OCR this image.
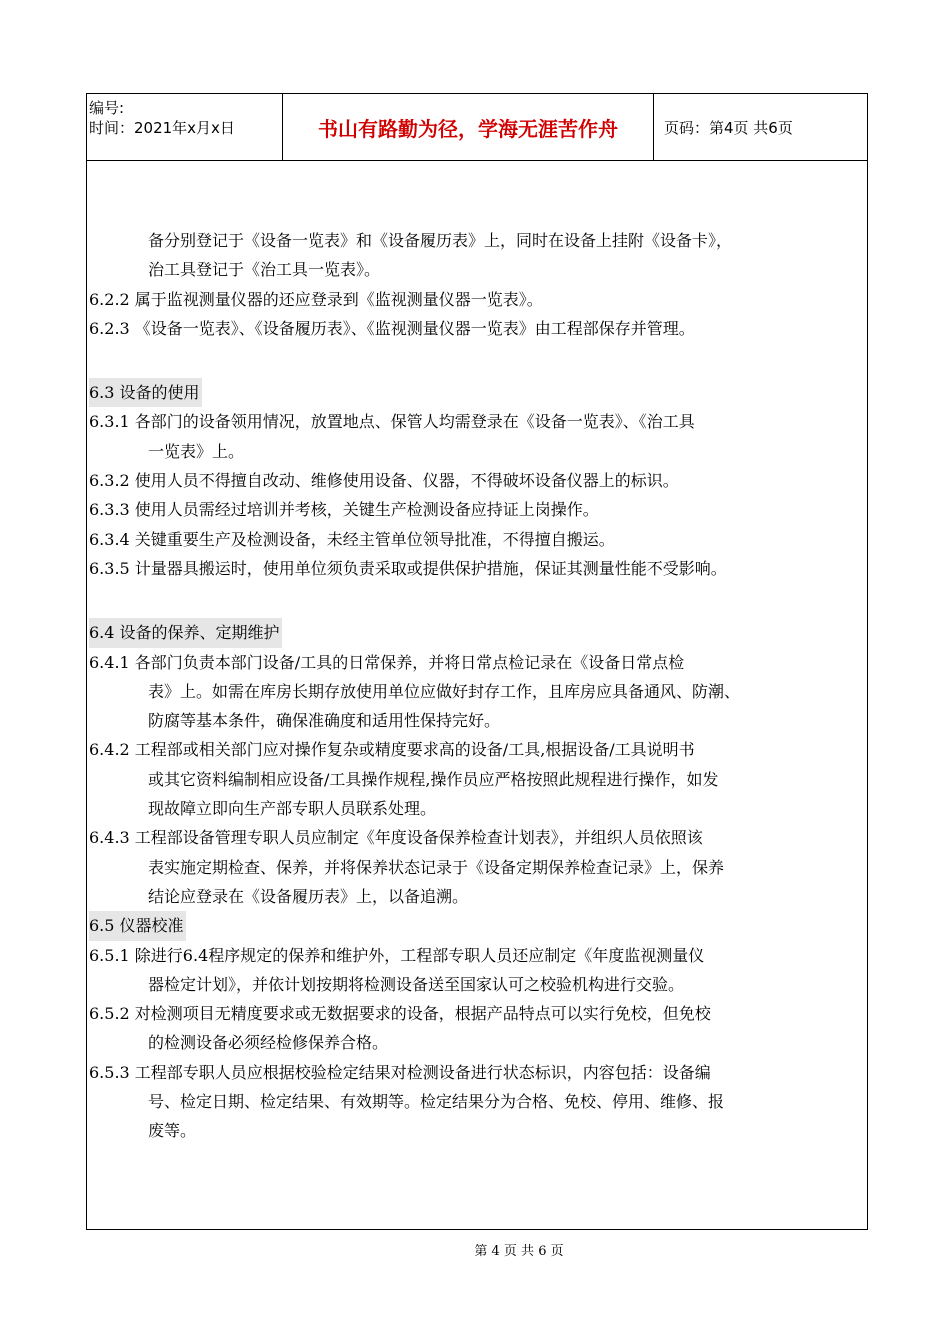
编号:
时间：2021年x月x日	书山有路勤为径，学海无涯苦作舟	页码：第4页 共6页
备分别登记于《设备一览表》和《设备履历表》上，同时在设备上挂附《设备卡》，
治工具登记于《治工具一览表》。
6.2.2 属于监视测量仪器的还应登录到《监视测量仪器一览表》。
6.2.3 《设备一览表》、《设备履历表》、《监视测量仪器一览表》由工程部保存并管理。
6.3 设备的使用
6.3.1 各部门的设备领用情况，放置地点、保管人均需登录在《设备一览表》、《治工具
一览表》上。
6.3.2 使用人员不得擅自改动、维修使用设备、仪器，不得破坏设备仪器上的标识。
6.3.3 使用人员需经过培训并考核，关键生产检测设备应持证上岗操作。
6.3.4 关键重要生产及检测设备，未经主管单位领导批准，不得擅自搬运。
6.3.5 计量器具搬运时，使用单位须负责采取或提供保护措施，保证其测量性能不受影响。
6.4 设备的保养、定期维护
6.4.1 各部门负责本部门设备/工具的日常保养，并将日常点检记录在《设备日常点检
表》上。如需在库房长期存放使用单位应做好封存工作，且库房应具备通风、防潮、
防腐等基本条件，确保准确度和适用性保持完好。
6.4.2 工程部或相关部门应对操作复杂或精度要求高的设备/工具,根据设备/工具说明书
或其它资料编制相应设备/工具操作规程,操作员应严格按照此规程进行操作，如发
现故障立即向生产部专职人员联系处理。
6.4.3 工程部设备管理专职人员应制定《年度设备保养检查计划表》，并组织人员依照该
表实施定期检查、保养，并将保养状态记录于《设备定期保养检查记录》上，保养
结论应登录在《设备履历表》上，以备追溯。
6.5 仪器校准
6.5.1 除进行6.4程序规定的保养和维护外，工程部专职人员还应制定《年度监视测量仪
器检定计划》，并依计划按期将检测设备送至国家认可之校验机构进行交验。
6.5.2 对检测项目无精度要求或无数据要求的设备，根据产品特点可以实行免校，但免校
的检测设备必须经检修保养合格。
6.5.3 工程部专职人员应根据校验检定结果对检测设备进行状态标识，内容包括：设备编
号、检定日期、检定结果、有效期等。检定结果分为合格、免校、停用、维修、报
废等。
第 4 页 共 6 页
